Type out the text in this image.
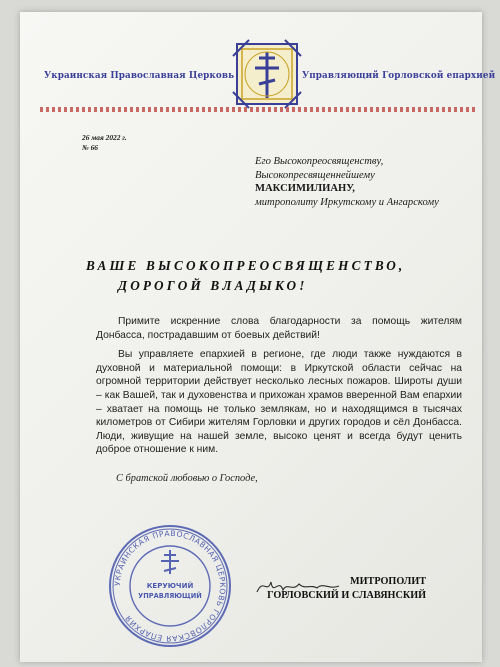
Украинская Православная Церковь	Управляющий Горловской епархией
26 мая 2022 г.
№ 66
Его Высокопреосвященству,
Высокопресвященнейшему
МАКСИМИЛИАНУ,
митрополиту Иркутскому и Ангарскому
ВАШЕ ВЫСОКОПРЕОСВЯЩЕНСТВО,
ДОРОГОЙ ВЛАДЫКО!

Примите искренние слова благодарности за помощь жителям Донбасса, пострадавшим от боевых действий!

Вы управляете епархией в регионе, где люди также нуждаются в духовной и материальной помощи: в Иркутской области сейчас на огромной территории действует несколько лесных пожаров. Широты души – как Вашей, так и духовенства и прихожан храмов вверенной Вам епархии – хватает на помощь не только землякам, но и находящимся в тысячах километров от Сибири жителям Горловки и других городов и сёл Донбасса. Люди, живущие на нашей земле, высоко ценят и всегда будут ценить доброе отношение к ним.

С братской любовью о Господе,
УКРАИНСКАЯ ПРАВОСЛАВНАЯ ЦЕРКОВЬ ГОРЛОВСКАЯ ЕПАРХИЯ
КЕРУЮЧИЙ
УПРАВЛЯЮЩИЙ
МИТРОПОЛИТ
ГОРЛОВСКИЙ И СЛАВЯНСКИЙ
